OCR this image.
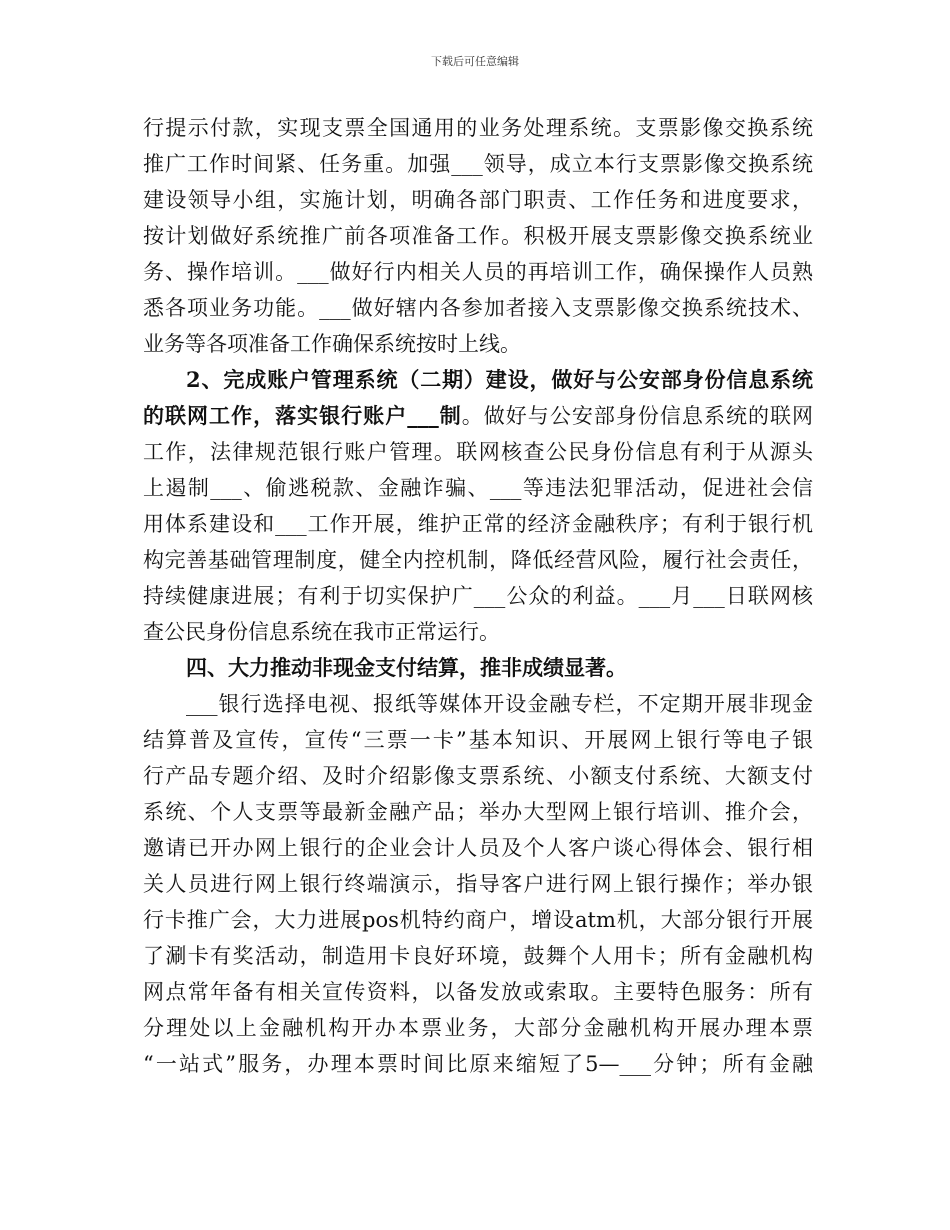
下载后可任意编辑
行提示付款，实现支票全国通用的业务处理系统。支票影像交换系统
推广工作时间紧、任务重。加强___领导，成立本行支票影像交换系统
建设领导小组，实施计划，明确各部门职责、工作任务和进度要求，
按计划做好系统推广前各项准备工作。积极开展支票影像交换系统业
务、操作培训。___做好行内相关人员的再培训工作，确保操作人员熟
悉各项业务功能。___做好辖内各参加者接入支票影像交换系统技术、
业务等各项准备工作确保系统按时上线。
2、完成账户管理系统（二期）建设，做好与公安部身份信息系统
的联网工作，落实银行账户___制。做好与公安部身份信息系统的联网
工作，法律规范银行账户管理。联网核查公民身份信息有利于从源头
上遏制___、偷逃税款、金融诈骗、___等违法犯罪活动，促进社会信
用体系建设和___工作开展，维护正常的经济金融秩序；有利于银行机
构完善基础管理制度，健全内控机制，降低经营风险，履行社会责任，
持续健康进展；有利于切实保护广___公众的利益。___月___日联网核
查公民身份信息系统在我市正常运行。
四、大力推动非现金支付结算，推非成绩显著。
___银行选择电视、报纸等媒体开设金融专栏，不定期开展非现金
结算普及宣传，宣传“三票一卡”基本知识、开展网上银行等电子银
行产品专题介绍、及时介绍影像支票系统、小额支付系统、大额支付
系统、个人支票等最新金融产品；举办大型网上银行培训、推介会，
邀请已开办网上银行的企业会计人员及个人客户谈心得体会、银行相
关人员进行网上银行终端演示，指导客户进行网上银行操作；举办银
行卡推广会，大力进展pos机特约商户，增设atm机，大部分银行开展
了涮卡有奖活动，制造用卡良好环境，鼓舞个人用卡；所有金融机构
网点常年备有相关宣传资料，以备发放或索取。主要特色服务：所有
分理处以上金融机构开办本票业务，大部分金融机构开展办理本票
“一站式”服务，办理本票时间比原来缩短了5—___分钟；所有金融
